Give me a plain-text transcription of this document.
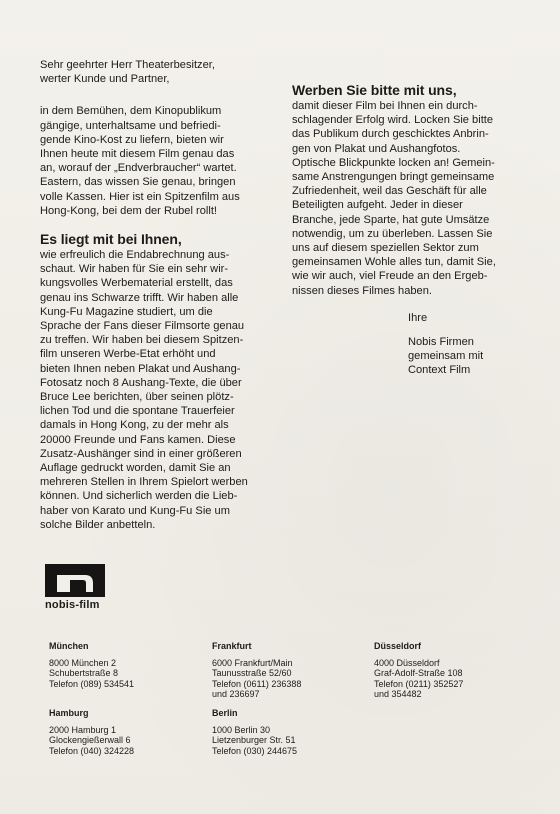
Sehr geehrter Herr Theaterbesitzer,
werter Kunde und Partner,

in dem Bemühen, dem Kinopublikum
gängige, unterhaltsame und befriedi-
gende Kino-Kost zu liefern, bieten wir
Ihnen heute mit diesem Film genau das
an, worauf der „Endverbraucher“ wartet.
Eastern, das wissen Sie genau, bringen
volle Kassen. Hier ist ein Spitzenfilm aus
Hong-Kong, bei dem der Rubel rollt!

Es liegt mit bei Ihnen,

wie erfreulich die Endabrechnung aus-
schaut. Wir haben für Sie ein sehr wir-
kungsvolles Werbematerial erstellt, das
genau ins Schwarze trifft. Wir haben alle
Kung-Fu Magazine studiert, um die
Sprache der Fans dieser Filmsorte genau
zu treffen. Wir haben bei diesem Spitzen-
film unseren Werbe-Etat erhöht und
bieten Ihnen neben Plakat und Aushang-
Fotosatz noch 8 Aushang-Texte, die über
Bruce Lee berichten, über seinen plötz-
lichen Tod und die spontane Trauerfeier
damals in Hong Kong, zu der mehr als
20000 Freunde und Fans kamen. Diese
Zusatz-Aushänger sind in einer größeren
Auflage gedruckt worden, damit Sie an
mehreren Stellen in Ihrem Spielort werben
können. Und sicherlich werden die Lieb-
haber von Karato und Kung-Fu Sie um
solche Bilder anbetteln.

Werben Sie bitte mit uns,

damit dieser Film bei Ihnen ein durch-
schlagender Erfolg wird. Locken Sie bitte
das Publikum durch geschicktes Anbrin-
gen von Plakat und Aushangfotos.
Optische Blickpunkte locken an! Gemein-
same Anstrengungen bringt gemeinsame
Zufriedenheit, weil das Geschäft für alle
Beteiligten aufgeht. Jeder in dieser
Branche, jede Sparte, hat gute Umsätze
notwendig, um zu überleben. Lassen Sie
uns auf diesem speziellen Sektor zum
gemeinsamen Wohle alles tun, damit Sie,
wie wir auch, viel Freude an den Ergeb-
nissen dieses Filmes haben.

Ihre

Nobis Firmen
gemeinsam mit
Context Film

nobis-film
München
8000 München 2
Schubertstraße 8
Telefon (089) 534541
Frankfurt
6000 Frankfurt/Main
Taunusstraße 52/60
Telefon (0611) 236388
und 236697
Düsseldorf
4000 Düsseldorf
Graf-Adolf-Straße 108
Telefon (0211) 352527
und 354482
Hamburg
2000 Hamburg 1
Glockengießerwall 6
Telefon (040) 324228
Berlin
1000 Berlin 30
Lietzenburger Str. 51
Telefon (030) 244675
